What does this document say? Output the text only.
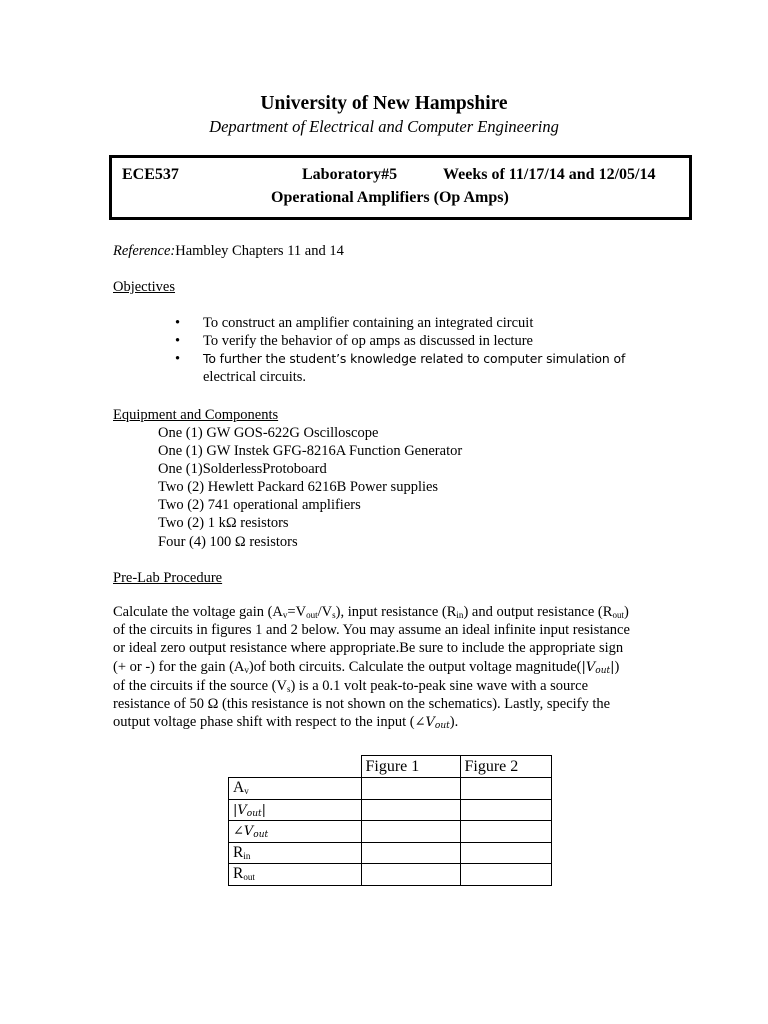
University of New Hampshire
Department of Electrical and Computer Engineering
ECE537	Laboratory#5	Weeks of 11/17/14 and 12/05/14
Operational Amplifiers (Op Amps)
Reference:Hambley Chapters 11 and 14
Objectives
• To construct an amplifier containing an integrated circuit
• To verify the behavior of op amps as discussed in lecture
• To further the student’s knowledge related to computer simulation of
electrical circuits.
Equipment and Components
One (1) GW GOS-622G Oscilloscope
One (1) GW Instek GFG-8216A Function Generator
One (1)SolderlessProtoboard
Two (2) Hewlett Packard 6216B Power supplies
Two (2) 741 operational amplifiers
Two (2) 1 kΩ resistors
Four (4) 100 Ω resistors
Pre-Lab Procedure

Calculate the voltage gain $(A_v=V_{out}/V_s)$, input resistance $(R_{in})$ and output resistance $(R_{out})$

of the circuits in figures 1 and 2 below. You may assume an ideal infinite input resistance

or ideal zero output resistance where appropriate.Be sure to include the appropriate sign

(+ or -) for the gain $(A_v)of$ both circuits. Calculate the output voltage $magnitude(|V_{out}|)$

of the circuits if the source $(V_s)$ is a 0.1 volt peak-to-peak sine wave with a source

resistance of 50 Ω (this resistance is not shown on the schematics). Lastly, specify the

output voltage phase shift with respect to the input $(\angle V_{out})$.

	Figure 1	Figure 2
$A_v$		
$|V_{out}|$		
$\angle V_{out}$		
$R_{in}$		
$R_{out}$		
